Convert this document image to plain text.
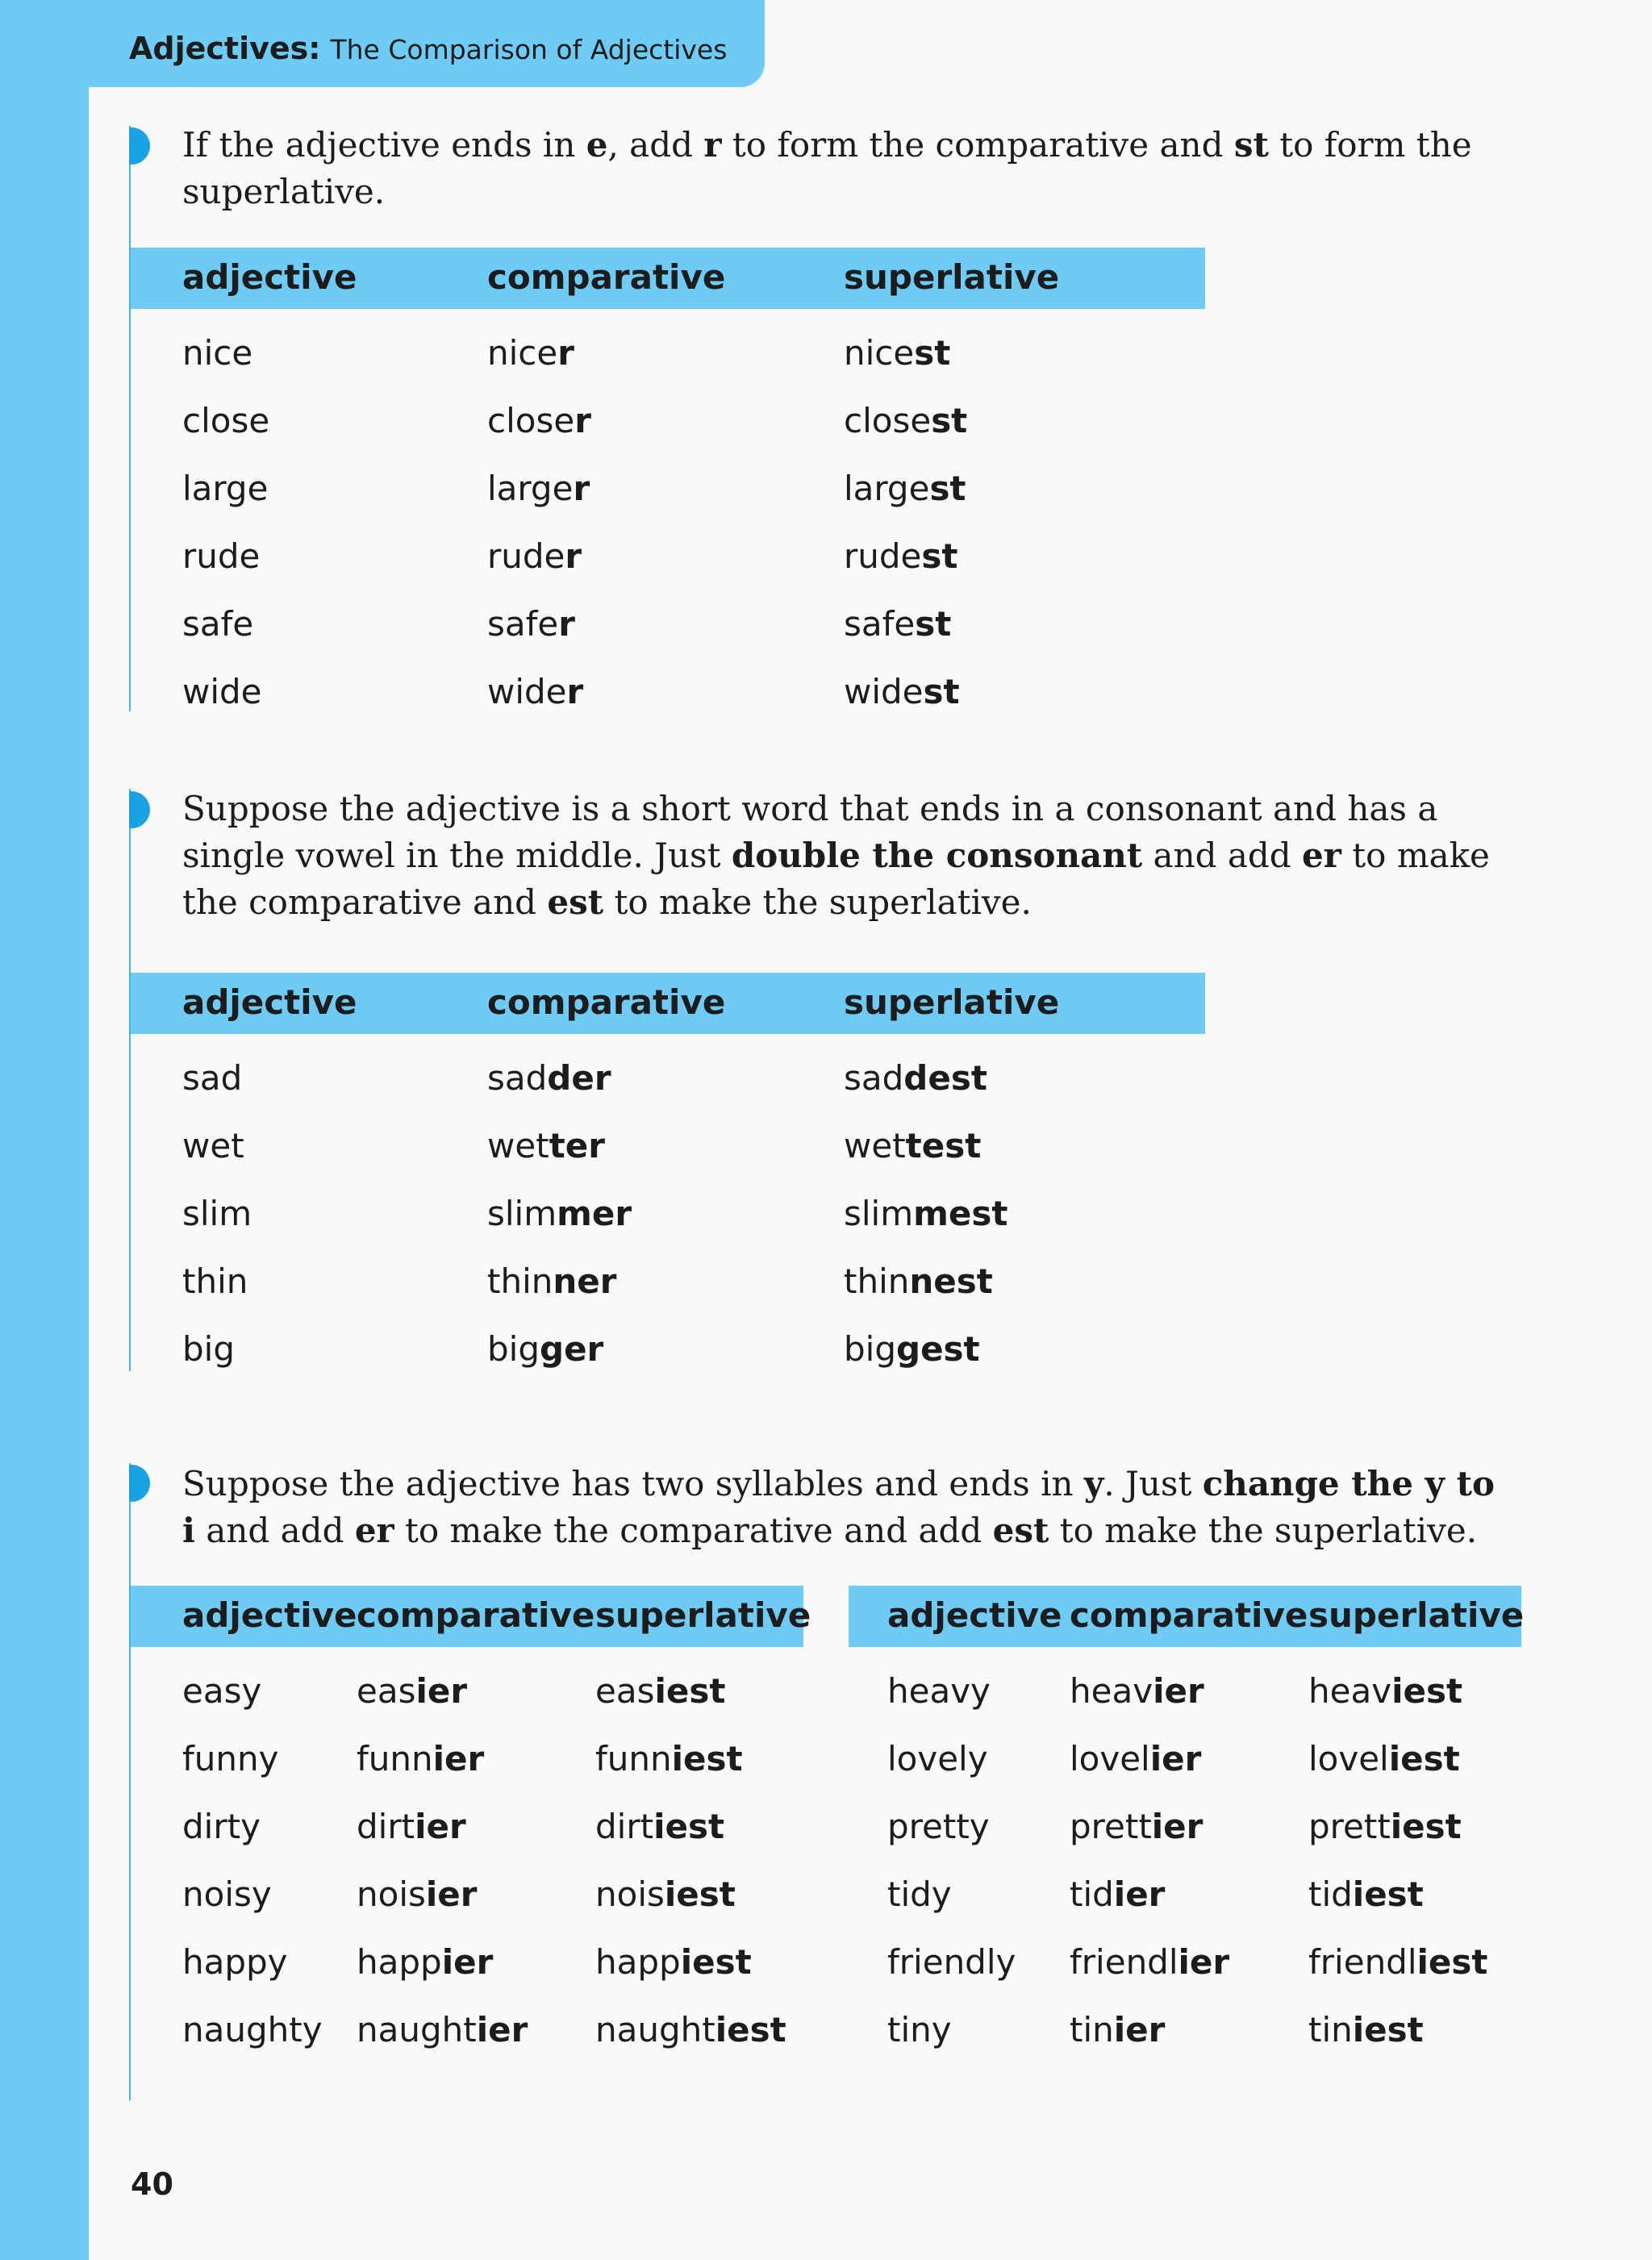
Adjectives: The Comparison of Adjectives
If the adjective ends in e, add r to form the comparative and st to form the superlative.
adjective	comparative	superlative
nice	nicer	nicest
close	closer	closest
large	larger	largest
rude	ruder	rudest
safe	safer	safest
wide	wider	widest
Suppose the adjective is a short word that ends in a consonant and has a single vowel in the middle. Just double the consonant and add er to make the comparative and est to make the superlative.
adjective	comparative	superlative
sad	sadder	saddest
wet	wetter	wettest
slim	slimmer	slimmest
thin	thinner	thinnest
big	bigger	biggest
Suppose the adjective has two syllables and ends in y. Just change the y to i and add er to make the comparative and add est to make the superlative.
adjective comparative superlative adjective comparative superlative
easy	easier	easiest
funny funnier	funniest
dirty	dirtier	dirtiest
noisy	noisier	noisiest
happy happier	happiest
naughty naughtier naughtiest
heavy heavier	heaviest
lovely lovelier	loveliest
pretty prettier	prettiest
tidy	tidier	tidiest
friendly friendlier friendliest
tiny	tinier	tiniest
40
